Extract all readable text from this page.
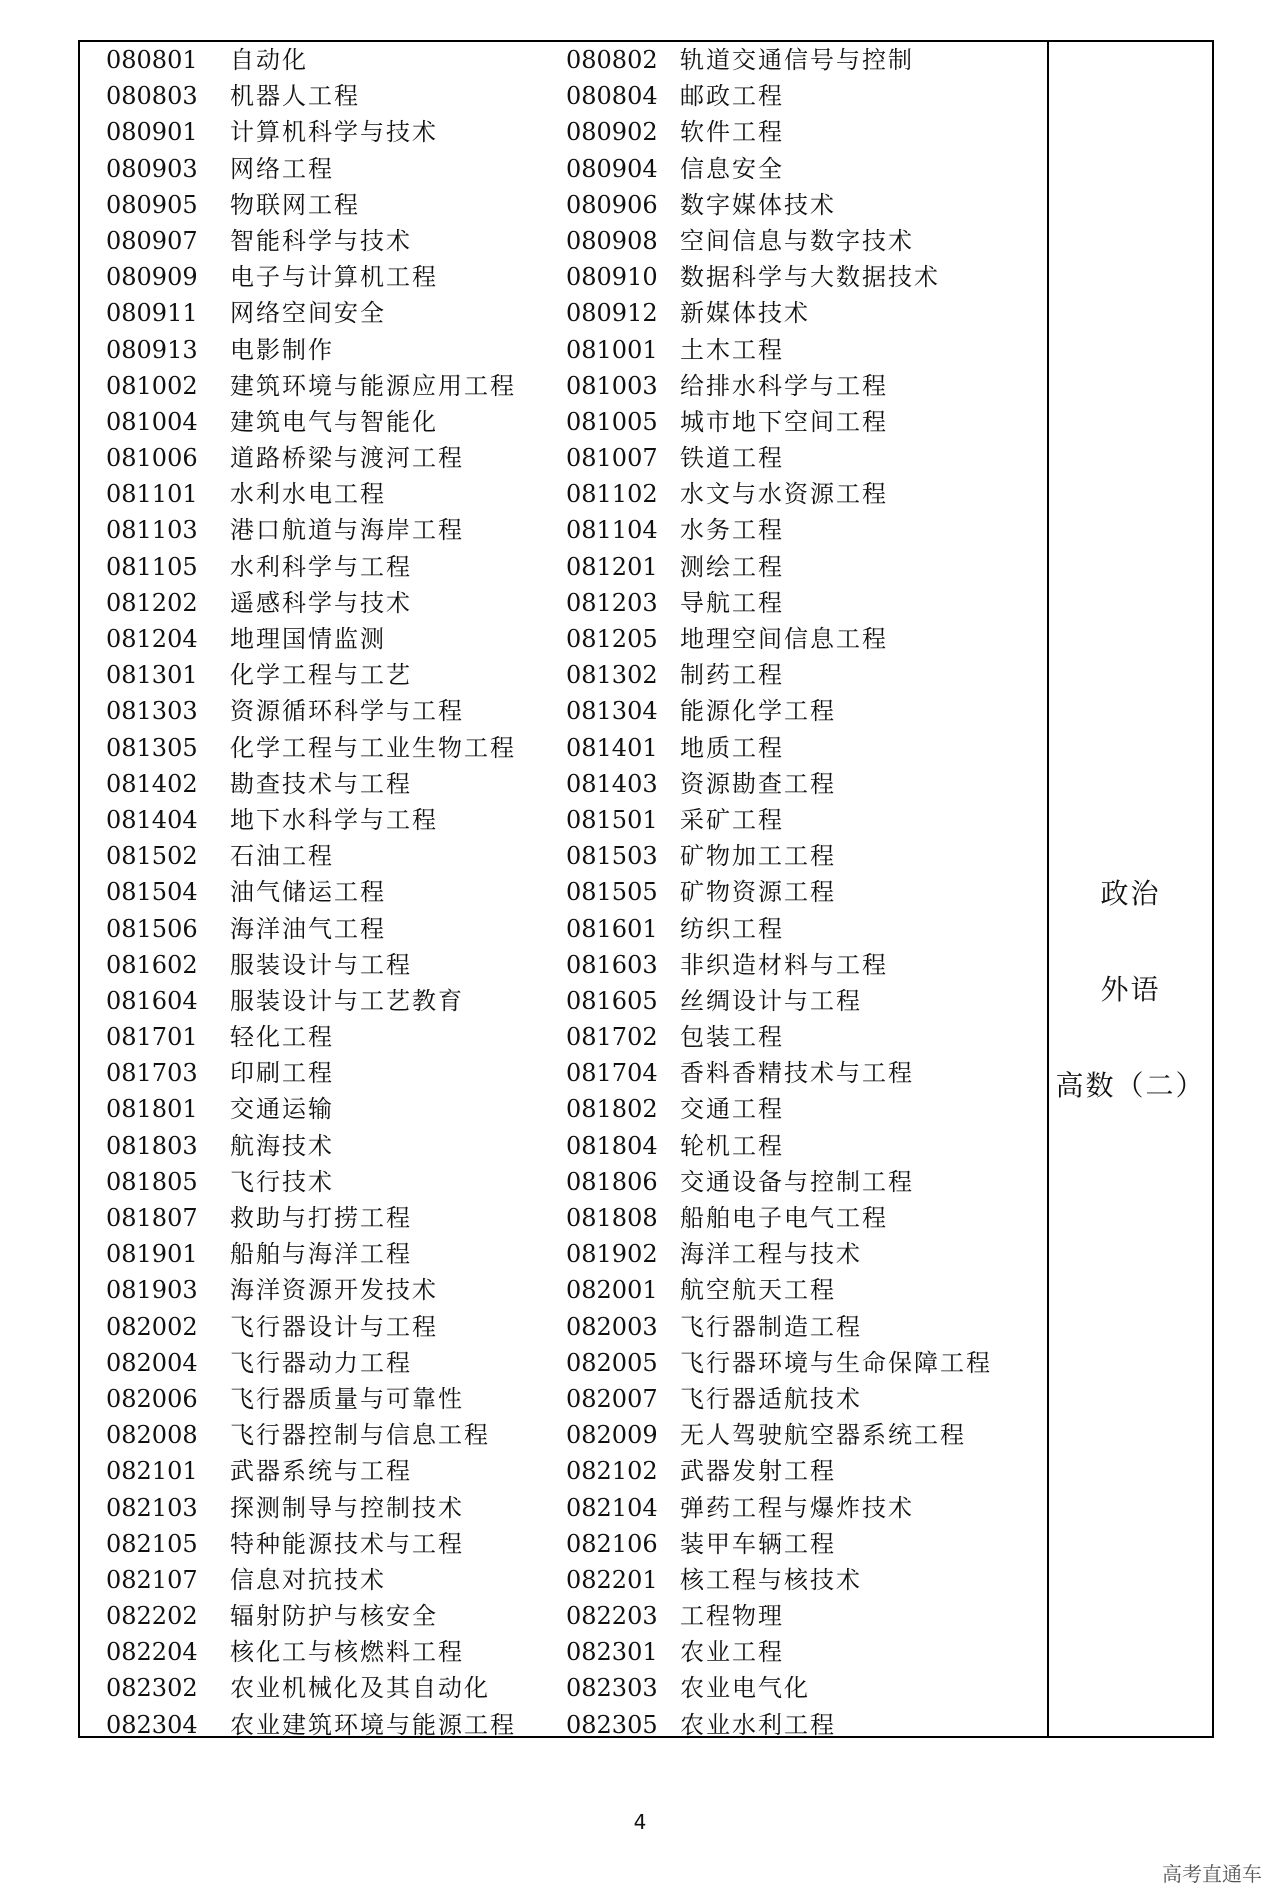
080801 自动化	080802 轨道交通信号与控制
080803 机器人工程	080804 邮政工程
080901 计算机科学与技术	080902 软件工程
080903 网络工程	080904 信息安全
080905 物联网工程	080906 数字媒体技术
080907 智能科学与技术	080908 空间信息与数字技术
080909 电子与计算机工程	080910 数据科学与大数据技术
080911 网络空间安全	080912 新媒体技术
080913 电影制作	081001 土木工程
081002 建筑环境与能源应用工程 081003 给排水科学与工程
081004 建筑电气与智能化	081005 城市地下空间工程
081006 道路桥梁与渡河工程	081007 铁道工程
081101 水利水电工程	081102 水文与水资源工程
081103 港口航道与海岸工程	081104 水务工程
081105 水利科学与工程	081201 测绘工程
081202 遥感科学与技术	081203 导航工程
081204 地理国情监测	081205 地理空间信息工程
081301 化学工程与工艺	081302 制药工程
081303 资源循环科学与工程	081304 能源化学工程
081305 化学工程与工业生物工程 081401 地质工程
081402 勘查技术与工程	081403 资源勘查工程
081404 地下水科学与工程	081501 采矿工程
081502 石油工程	081503 矿物加工工程
081504 油气储运工程	081505 矿物资源工程
081506 海洋油气工程	081601 纺织工程
081602 服装设计与工程	081603 非织造材料与工程
081604 服装设计与工艺教育	081605 丝绸设计与工程
081701 轻化工程	081702 包装工程
081703 印刷工程	081704 香料香精技术与工程
081801 交通运输	081802 交通工程
081803 航海技术	081804 轮机工程
081805 飞行技术	081806 交通设备与控制工程
081807 救助与打捞工程	081808 船舶电子电气工程
081901 船舶与海洋工程	081902 海洋工程与技术
081903 海洋资源开发技术	082001 航空航天工程
082002 飞行器设计与工程	082003 飞行器制造工程
082004 飞行器动力工程	082005 飞行器环境与生命保障工程
082006 飞行器质量与可靠性	082007 飞行器适航技术
082008 飞行器控制与信息工程	082009 无人驾驶航空器系统工程
082101 武器系统与工程	082102 武器发射工程
082103 探测制导与控制技术	082104 弹药工程与爆炸技术
082105 特种能源技术与工程	082106 装甲车辆工程
082107 信息对抗技术	082201 核工程与核技术
082202 辐射防护与核安全	082203 工程物理
082204 核化工与核燃料工程	082301 农业工程
082302 农业机械化及其自动化	082303 农业电气化
082304 农业建筑环境与能源工程 082305 农业水利工程
政治
外语
高数（二）
4
高考直通车
